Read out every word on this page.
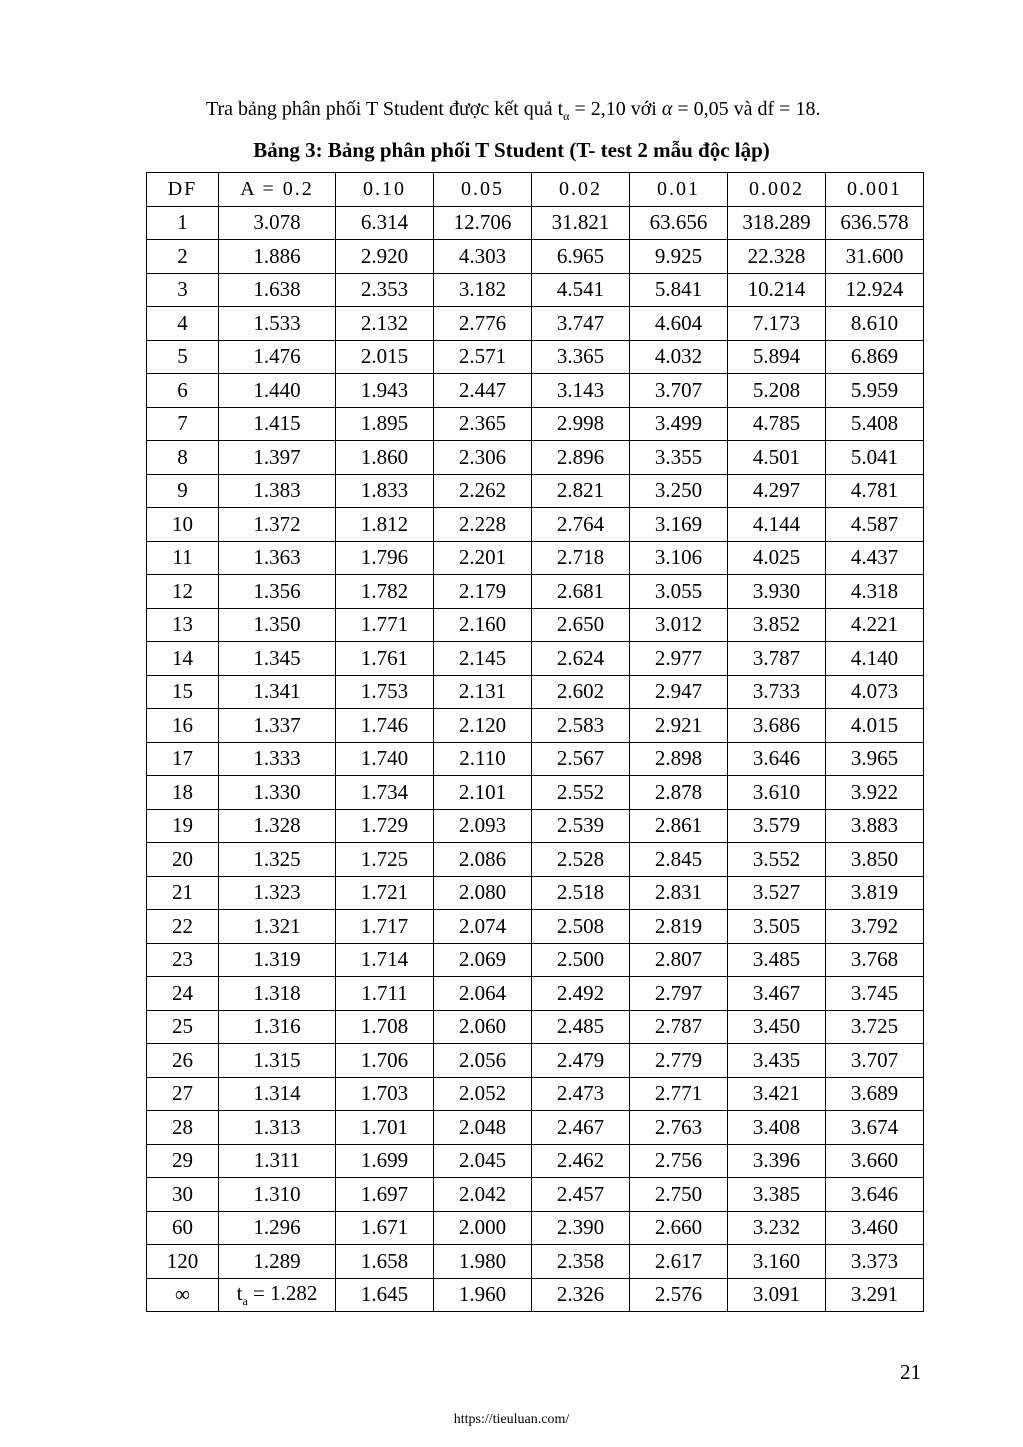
Tra bảng phân phối T Student được kết quả $t_\alpha = 2,10$ với α = 0,05 và df = 18.
Bảng 3: Bảng phân phối T Student (T- test 2 mẫu độc lập)
DF	A = 0.2	0.10	0.05	0.02	0.01	0.002	0.001
1	3.078	6.314	12.706	31.821	63.656	318.289	636.578
2	1.886	2.920	4.303	6.965	9.925	22.328	31.600
3	1.638	2.353	3.182	4.541	5.841	10.214	12.924
4	1.533	2.132	2.776	3.747	4.604	7.173	8.610
5	1.476	2.015	2.571	3.365	4.032	5.894	6.869
6	1.440	1.943	2.447	3.143	3.707	5.208	5.959
7	1.415	1.895	2.365	2.998	3.499	4.785	5.408
8	1.397	1.860	2.306	2.896	3.355	4.501	5.041
9	1.383	1.833	2.262	2.821	3.250	4.297	4.781
10	1.372	1.812	2.228	2.764	3.169	4.144	4.587
11	1.363	1.796	2.201	2.718	3.106	4.025	4.437
12	1.356	1.782	2.179	2.681	3.055	3.930	4.318
13	1.350	1.771	2.160	2.650	3.012	3.852	4.221
14	1.345	1.761	2.145	2.624	2.977	3.787	4.140
15	1.341	1.753	2.131	2.602	2.947	3.733	4.073
16	1.337	1.746	2.120	2.583	2.921	3.686	4.015
17	1.333	1.740	2.110	2.567	2.898	3.646	3.965
18	1.330	1.734	2.101	2.552	2.878	3.610	3.922
19	1.328	1.729	2.093	2.539	2.861	3.579	3.883
20	1.325	1.725	2.086	2.528	2.845	3.552	3.850
21	1.323	1.721	2.080	2.518	2.831	3.527	3.819
22	1.321	1.717	2.074	2.508	2.819	3.505	3.792
23	1.319	1.714	2.069	2.500	2.807	3.485	3.768
24	1.318	1.711	2.064	2.492	2.797	3.467	3.745
25	1.316	1.708	2.060	2.485	2.787	3.450	3.725
26	1.315	1.706	2.056	2.479	2.779	3.435	3.707
27	1.314	1.703	2.052	2.473	2.771	3.421	3.689
28	1.313	1.701	2.048	2.467	2.763	3.408	3.674
29	1.311	1.699	2.045	2.462	2.756	3.396	3.660
30	1.310	1.697	2.042	2.457	2.750	3.385	3.646
60	1.296	1.671	2.000	2.390	2.660	3.232	3.460
120	1.289	1.658	1.980	2.358	2.617	3.160	3.373
∞	$t_a = 1.282$	1.645	1.960	2.326	2.576	3.091	3.291
21
https://tieuluan.com/
